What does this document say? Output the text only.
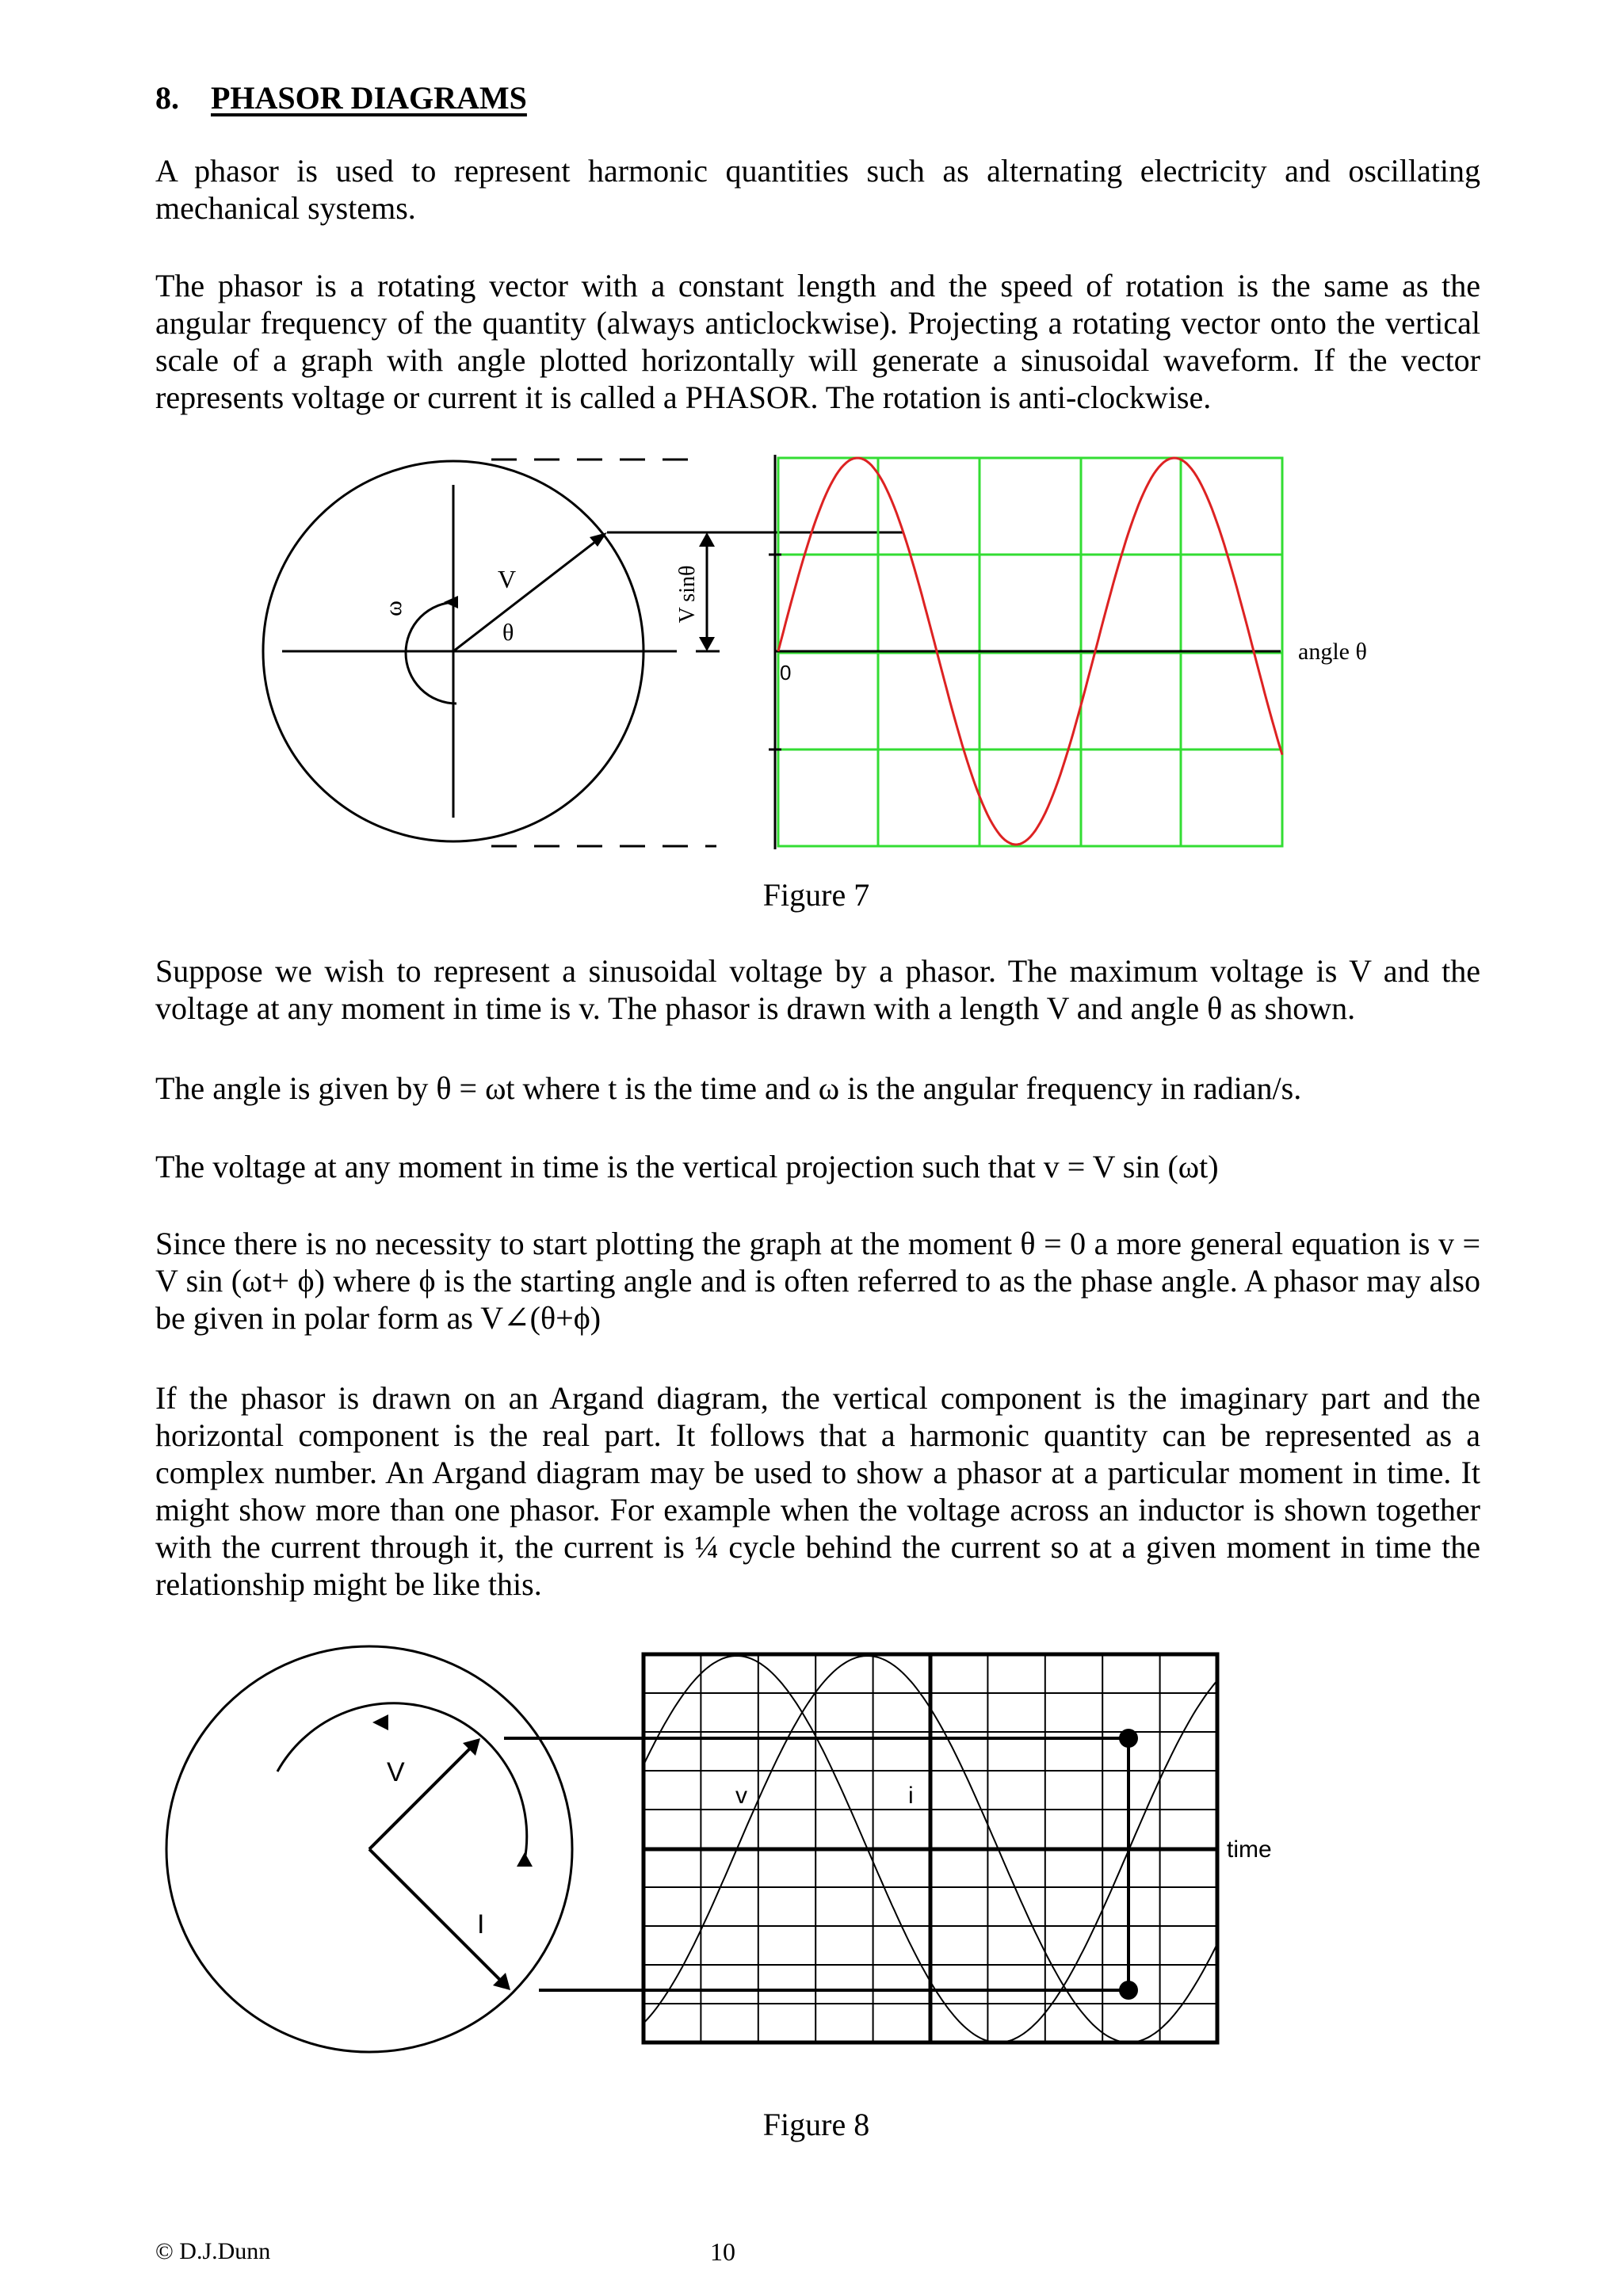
8. PHASOR DIAGRAMS

A phasor is used to represent harmonic quantities such as alternating electricity and oscillating mechanical systems.

The phasor is a rotating vector with a constant length and the speed of rotation is the same as the angular frequency of the quantity (always anticlockwise). Projecting a rotating vector onto the vertical scale of a graph with angle plotted horizontally will generate a sinusoidal waveform. If the vector represents voltage or current it is called a PHASOR. The rotation is anti-clockwise.

Suppose we wish to represent a sinusoidal voltage by a phasor. The maximum voltage is V and the voltage at any moment in time is v. The phasor is drawn with a length V and angle θ as shown.

The angle is given by θ = ωt where t is the time and ω is the angular frequency in radian/s.

The voltage at any moment in time is the vertical projection such that v = V sin (ωt)

Since there is no necessity to start plotting the graph at the moment θ = 0 a more general equation is v = V sin (ωt+ ϕ) where ϕ is the starting angle and is often referred to as the phase angle. A phasor may also be given in polar form as V∠(θ+ϕ)

If the phasor is drawn on an Argand diagram, the vertical component is the imaginary part and the horizontal component is the real part. It follows that a harmonic quantity can be represented as a complex number. An Argand diagram may be used to show a phasor at a particular moment in time. It might show more than one phasor. For example when the voltage across an inductor is shown together with the current through it, the current is ¼ cycle behind the current so at a given moment in time the relationship might be like this.

ω
V
θ
V sinθ
0
angle θ
Figure 7
V
I
v	i
time
Figure 8
© D.J.Dunn	10
